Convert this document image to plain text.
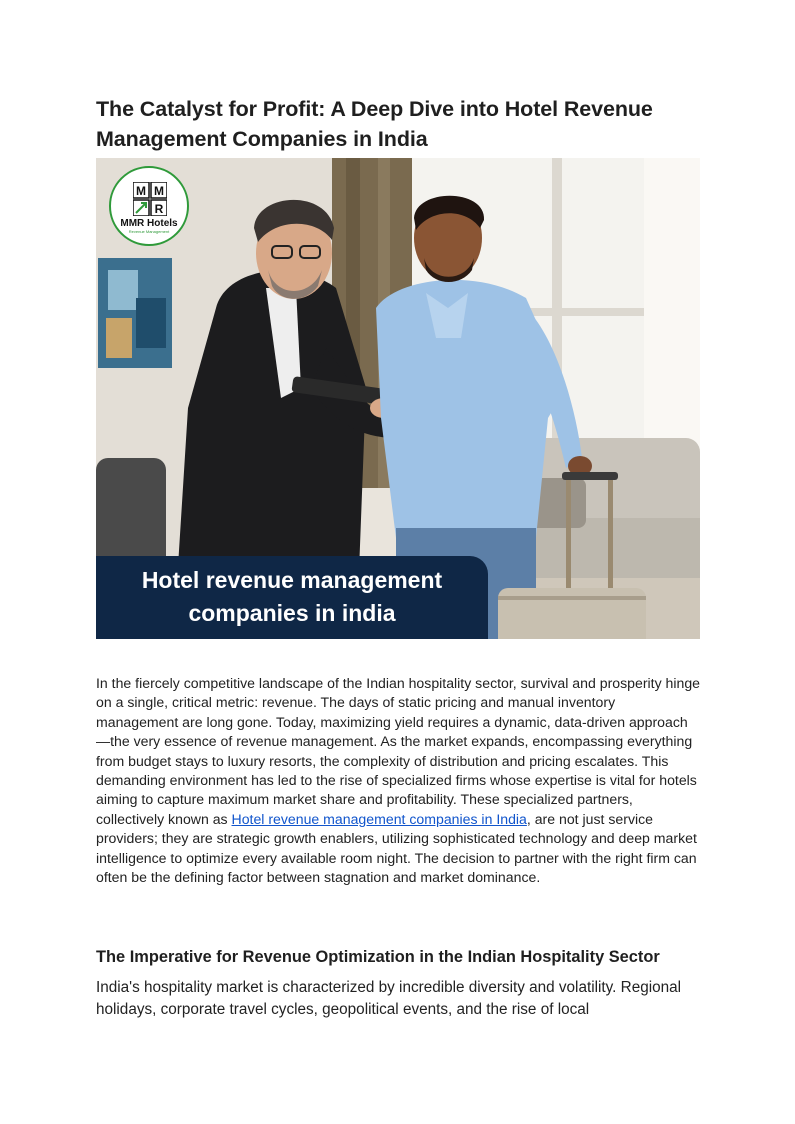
The Catalyst for Profit: A Deep Dive into Hotel Revenue Management Companies in India
M M
R
MMR Hotels
Revenue Management
Hotel revenue management
companies in india

In the fiercely competitive landscape of the Indian hospitality sector, survival and prosperity hinge on a single, critical metric: revenue. The days of static pricing and manual inventory management are long gone. Today, maximizing yield requires a dynamic, data-driven approach—the very essence of revenue management. As the market expands, encompassing everything from budget stays to luxury resorts, the complexity of distribution and pricing escalates. This demanding environment has led to the rise of specialized firms whose expertise is vital for hotels aiming to capture maximum market share and profitability. These specialized partners, collectively known as Hotel revenue management companies in India, are not just service providers; they are strategic growth enablers, utilizing sophisticated technology and deep market intelligence to optimize every available room night. The decision to partner with the right firm can often be the defining factor between stagnation and market dominance.

The Imperative for Revenue Optimization in the Indian Hospitality Sector

India's hospitality market is characterized by incredible diversity and volatility. Regional holidays, corporate travel cycles, geopolitical events, and the rise of local
